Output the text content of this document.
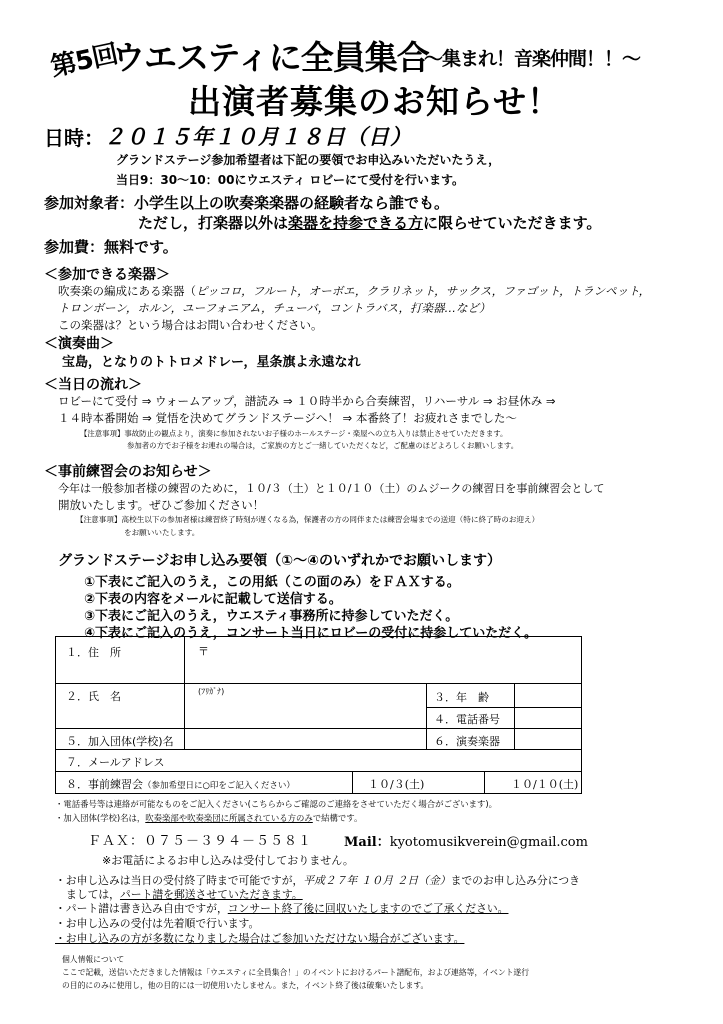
第5回
ウエスティに全員集合
～集まれ！音楽仲間！！～
出演者募集のお知らせ！
日時： ２０１５年１０月１８日（日）
グランドステージ参加希望者は下記の要領でお申込みいただいたうえ，
当日9：30～10：00にウエスティ ロビーにて受付を行います。
参加対象者：小学生以上の吹奏楽楽器の経験者なら誰でも。
ただし，打楽器以外は楽器を持参できる方に限らせていただきます。
参加費：無料です。
＜参加できる楽器＞
吹奏楽の編成にある楽器（ピッコロ，フルート，オーボエ，クラリネット，サックス，ファゴット，トランペット，
トロンボーン，ホルン，ユーフォニアム，チューバ，コントラバス，打楽器…など）
この楽器は？という場合はお問い合わせください。
＜演奏曲＞
宝島，となりのトトロメドレー，星条旗よ永遠なれ
＜当日の流れ＞
ロビーにて受付 ⇒ ウォームアップ，譜読み ⇒ １０時半から合奏練習，リハーサル ⇒ お昼休み ⇒
１４時本番開始 ⇒ 覚悟を決めてグランドステージへ！ ⇒ 本番終了！お疲れさまでした～
【注意事項】事故防止の観点より，演奏に参加されないお子様のホールステージ・楽屋への立ち入りは禁止させていただきます。
参加者の方でお子様をお連れの場合は，ご家族の方とご一緒していただくなど，ご配慮のほどよろしくお願いします。
＜事前練習会のお知らせ＞
今年は一般参加者様の練習のために，１０/３（土）と１０/１０（土）のムジークの練習日を事前練習会として
開放いたします。ぜひご参加ください！
【注意事項】高校生以下の参加者様は練習終了時刻が遅くなる為，保護者の方の同伴または練習会場までの送迎（特に終了時のお迎え）
をお願いいたします。
グランドステージお申し込み要領（①～④のいずれかでお願いします）
①下表にご記入のうえ，この用紙（この面のみ）をＦＡＸする。
②下表の内容をメールに記載して送信する。
③下表にご記入のうえ，ウエスティ事務所に持参していただく。
④下表にご記入のうえ，コンサート当日にロビーの受付に持参していただく。
１．住　所	〒
２．氏　名	(ﾌﾘｶﾞﾅ)	３．年　齢
４．電話番号
５．加入団体(学校)名	６．演奏楽器
７．メールアドレス
８．事前練習会（参加希望日に○印をご記入ください）	１０/３(土)	１０/１０(土)
・電話番号等は連絡が可能なものをご記入ください(こちらからご確認のご連絡をさせていただく場合がございます)。
・加入団体(学校)名は，吹奏楽部や吹奏楽団に所属されている方のみで結構です。
ＦＡＸ：０７５－３９４－５５８１ Mail：kyotomusikverein@gmail.com
※お電話によるお申し込みは受付しておりません。
・お申し込みは当日の受付終了時まで可能ですが，平成２７年 １０月 ２日（金）までのお申し込み分につき
ましては，パート譜を郵送させていただきます。
・パート譜は書き込み自由ですが，コンサート終了後に回収いたしますのでご了承ください。
・お申し込みの受付は先着順で行います。
・お申し込みの方が多数になりました場合はご参加いただけない場合がございます。
個人情報について
ここで記載，送信いただきました情報は「ウエスティに全員集合！」のイベントにおけるパート譜配布，および連絡等，イベント遂行
の目的にのみに使用し，他の目的には一切使用いたしません。また，イベント終了後は破棄いたします。
